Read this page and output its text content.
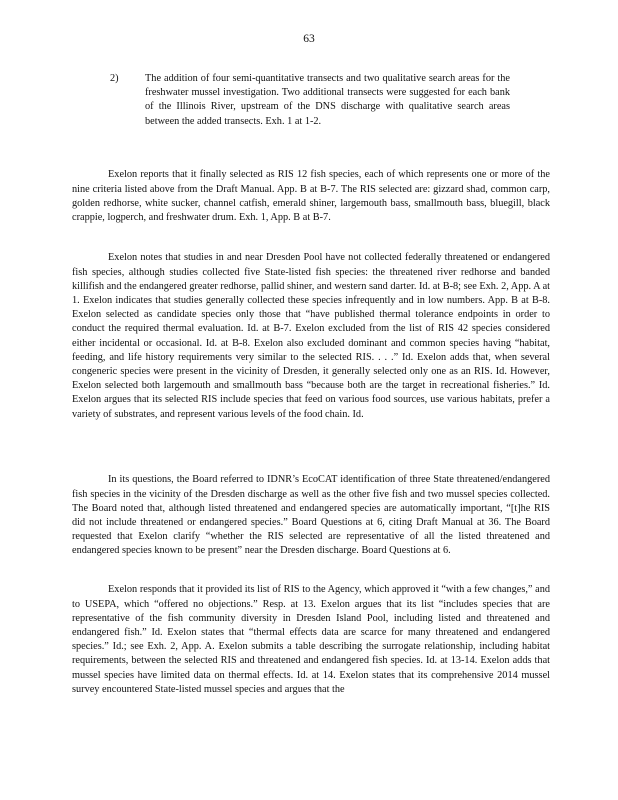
63
2)	The addition of four semi-quantitative transects and two qualitative search areas for the freshwater mussel investigation. Two additional transects were suggested for each bank of the Illinois River, upstream of the DNS discharge with qualitative search areas between the added transects. Exh. 1 at 1-2.

Exelon reports that it finally selected as RIS 12 fish species, each of which represents one or more of the nine criteria listed above from the Draft Manual. App. B at B-7. The RIS selected are: gizzard shad, common carp, golden redhorse, white sucker, channel catfish, emerald shiner, largemouth bass, smallmouth bass, bluegill, black crappie, logperch, and freshwater drum. Exh. 1, App. B at B-7.

Exelon notes that studies in and near Dresden Pool have not collected federally threatened or endangered fish species, although studies collected five State-listed fish species: the threatened river redhorse and banded killifish and the endangered greater redhorse, pallid shiner, and western sand darter. Id. at B-8; see Exh. 2, App. A at 1. Exelon indicates that studies generally collected these species infrequently and in low numbers. App. B at B-8. Exelon selected as candidate species only those that “have published thermal tolerance endpoints in order to conduct the required thermal evaluation. Id. at B-7. Exelon excluded from the list of RIS 42 species considered either incidental or occasional. Id. at B-8. Exelon also excluded dominant and common species having “habitat, feeding, and life history requirements very similar to the selected RIS. . . .” Id. Exelon adds that, when several congeneric species were present in the vicinity of Dresden, it generally selected only one as an RIS. Id. However, Exelon selected both largemouth and smallmouth bass “because both are the target in recreational fisheries.” Id. Exelon argues that its selected RIS include species that feed on various food sources, use various habitats, prefer a variety of substrates, and represent various levels of the food chain. Id.

In its questions, the Board referred to IDNR’s EcoCAT identification of three State threatened/endangered fish species in the vicinity of the Dresden discharge as well as the other five fish and two mussel species collected. The Board noted that, although listed threatened and endangered species are automatically important, “[t]he RIS did not include threatened or endangered species.” Board Questions at 6, citing Draft Manual at 36. The Board requested that Exelon clarify “whether the RIS selected are representative of all the listed threatened and endangered species known to be present” near the Dresden discharge. Board Questions at 6.

Exelon responds that it provided its list of RIS to the Agency, which approved it “with a few changes,” and to USEPA, which “offered no objections.” Resp. at 13. Exelon argues that its list “includes species that are representative of the fish community diversity in Dresden Island Pool, including listed and threatened and endangered fish.” Id. Exelon states that “thermal effects data are scarce for many threatened and endangered species.” Id.; see Exh. 2, App. A. Exelon submits a table describing the surrogate relationship, including habitat requirements, between the selected RIS and threatened and endangered fish species. Id. at 13-14. Exelon adds that mussel species have limited data on thermal effects. Id. at 14. Exelon states that its comprehensive 2014 mussel survey encountered State-listed mussel species and argues that the
